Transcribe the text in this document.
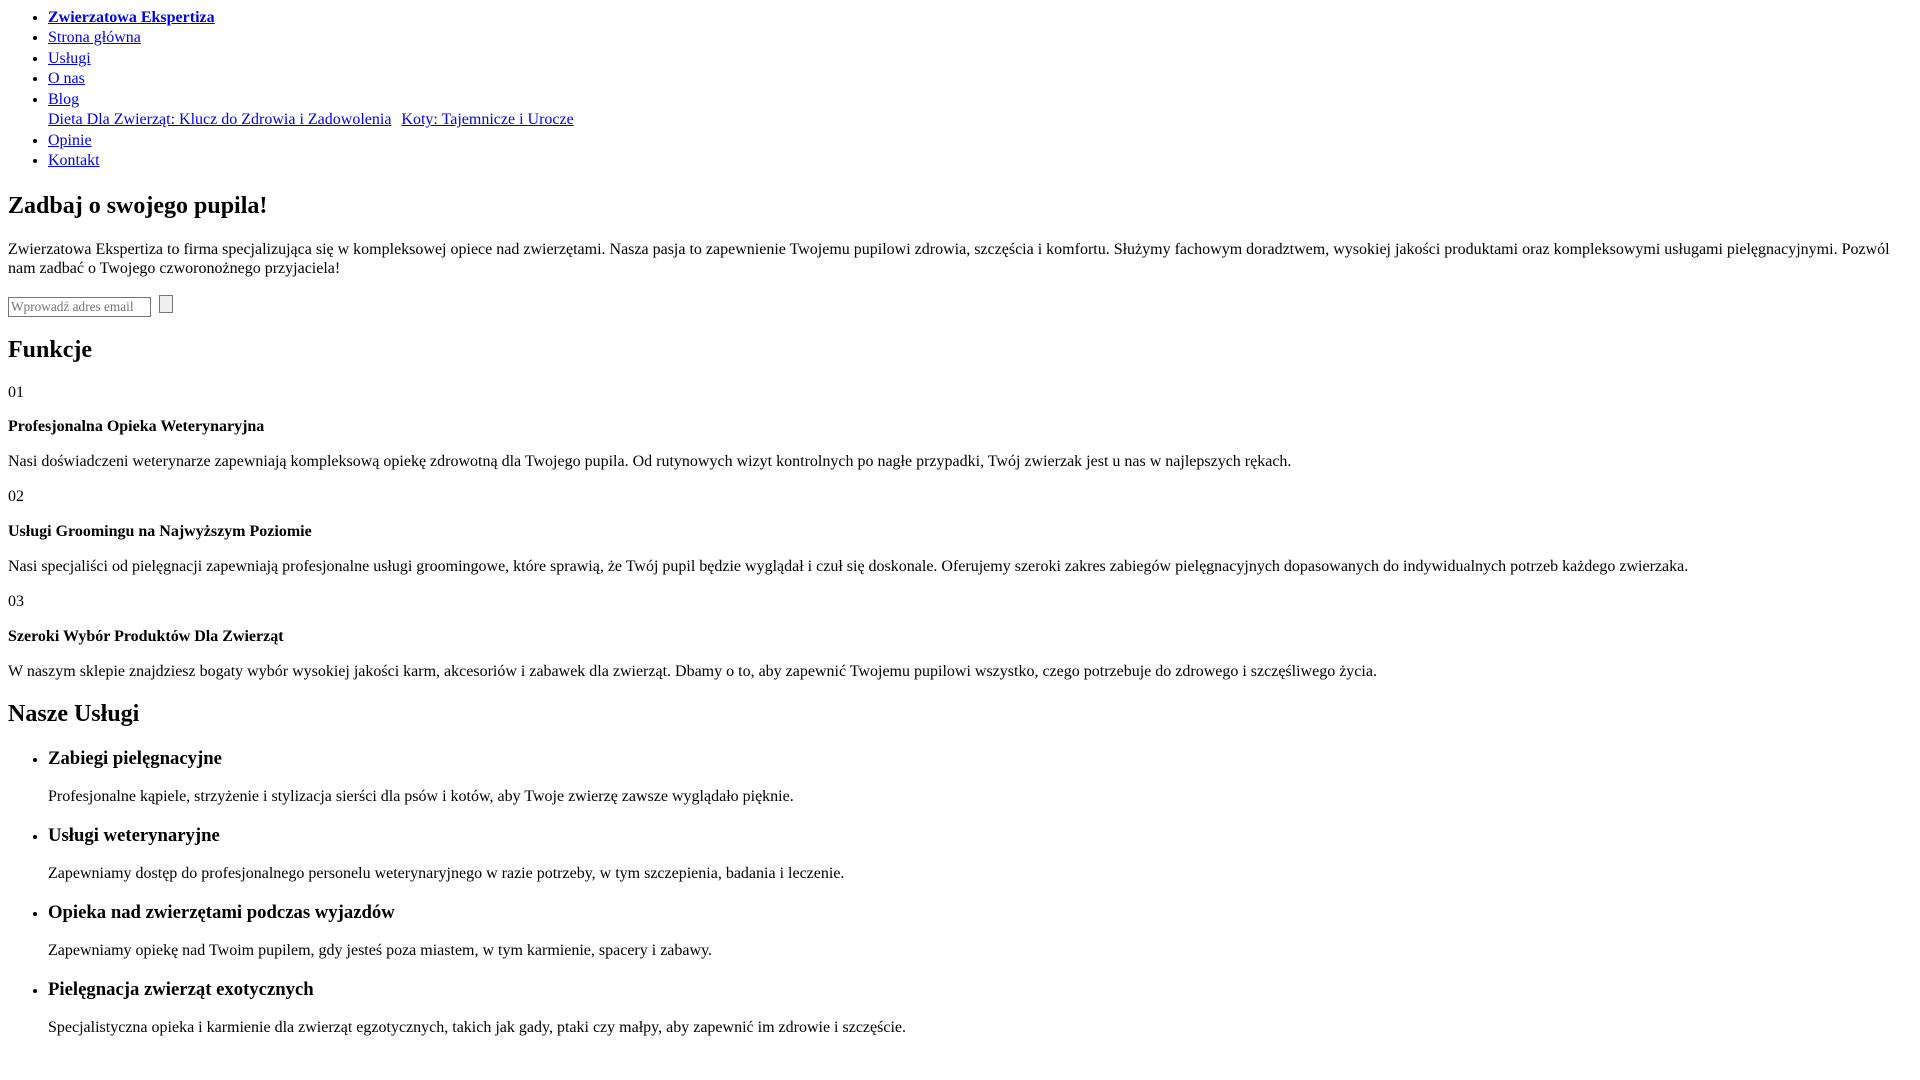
• Zwierzatowa Ekspertiza
• Strona główna
• Usługi
• O nas
• Blog
Dieta Dla Zwierząt: Klucz do Zdrowia i Zadowolenia Koty: Tajemnicze i Urocze
• Opinie
• Kontakt
Zadbaj o swojego pupila!

Zwierzatowa Ekspertiza to firma specjalizująca się w kompleksowej opiece nad zwierzętami. Nasza pasja to zapewnienie Twojemu pupilowi zdrowia, szczęścia i komfortu. Służymy fachowym doradztwem, wysokiej jakości produktami oraz kompleksowymi usługami pielęgnacyjnymi. Pozwól nam zadbać o Twojego czworonożnego przyjaciela!

Wprowadź adres email
Funkcje

01

Profesjonalna Opieka Weterynaryjna

Nasi doświadczeni weterynarze zapewniają kompleksową opiekę zdrowotną dla Twojego pupila. Od rutynowych wizyt kontrolnych po nagłe przypadki, Twój zwierzak jest u nas w najlepszych rękach.

02

Usługi Groomingu na Najwyższym Poziomie

Nasi specjaliści od pielęgnacji zapewniają profesjonalne usługi groomingowe, które sprawią, że Twój pupil będzie wyglądał i czuł się doskonale. Oferujemy szeroki zakres zabiegów pielęgnacyjnych dopasowanych do indywidualnych potrzeb każdego zwierzaka.

03

Szeroki Wybór Produktów Dla Zwierząt

W naszym sklepie znajdziesz bogaty wybór wysokiej jakości karm, akcesoriów i zabawek dla zwierząt. Dbamy o to, aby zapewnić Twojemu pupilowi wszystko, czego potrzebuje do zdrowego i szczęśliwego życia.

Nasze Usługi
• Zabiegi pielęgnacyjne

Profesjonalne kąpiele, strzyżenie i stylizacja sierści dla psów i kotów, aby Twoje zwierzę zawsze wyglądało pięknie.

• Usługi weterynaryjne

Zapewniamy dostęp do profesjonalnego personelu weterynaryjnego w razie potrzeby, w tym szczepienia, badania i leczenie.

• Opieka nad zwierzętami podczas wyjazdów

Zapewniamy opiekę nad Twoim pupilem, gdy jesteś poza miastem, w tym karmienie, spacery i zabawy.

• Pielęgnacja zwierząt exotycznych

Specjalistyczna opieka i karmienie dla zwierząt egzotycznych, takich jak gady, ptaki czy małpy, aby zapewnić im zdrowie i szczęście.
